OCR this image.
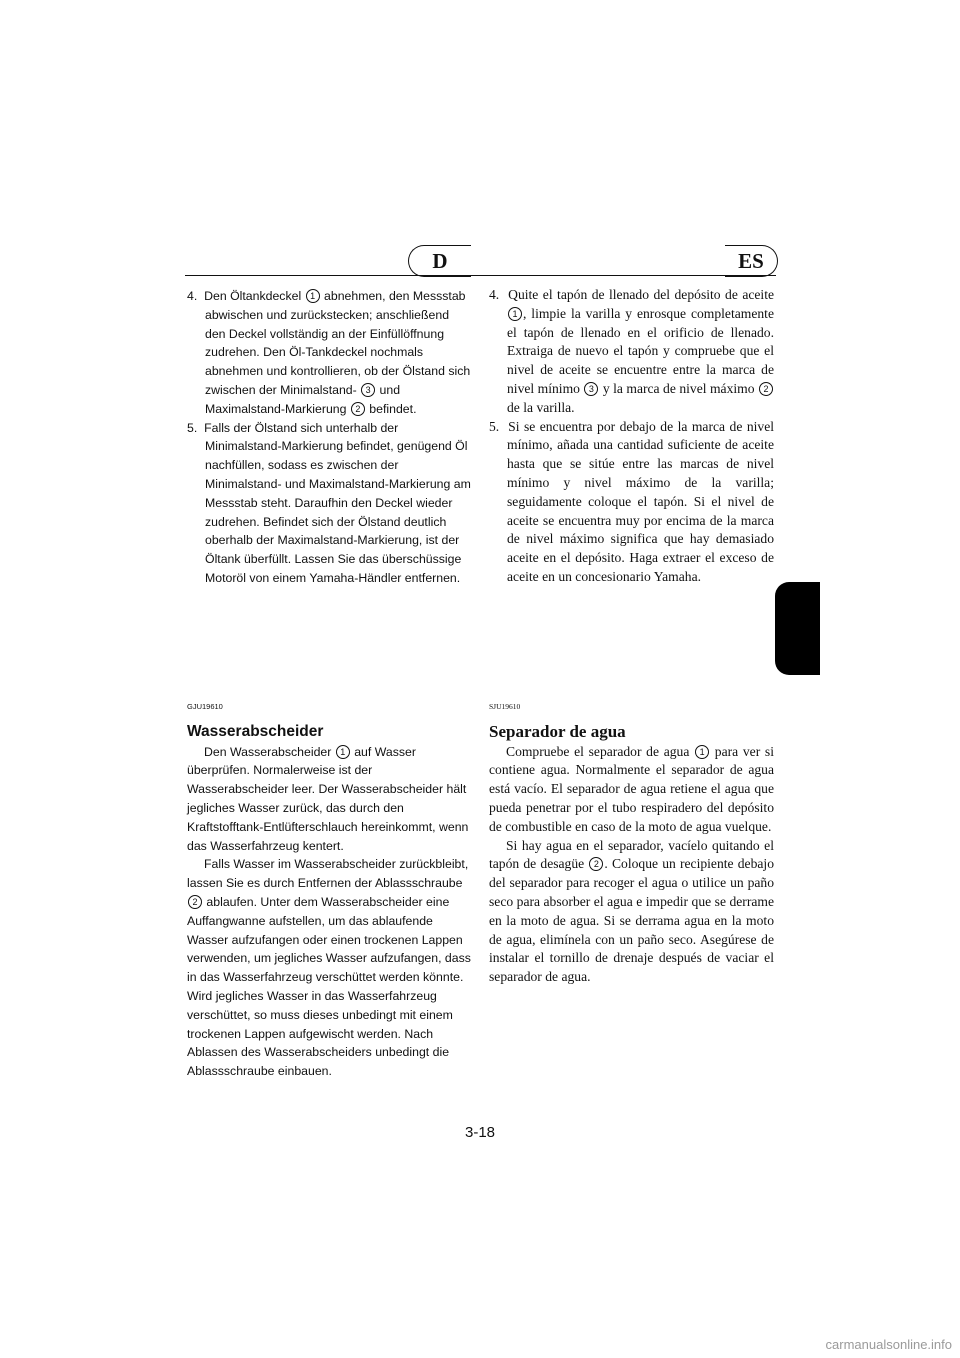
D	ES
4. Den Öltankdeckel 1 abnehmen, den Messstab abwischen und zurückstecken; anschließend den Deckel vollständig an der Einfüllöffnung zudrehen. Den Öl-Tankdeckel nochmals abnehmen und kontrollieren, ob der Ölstand sich zwischen der Minimalstand- 3 und Maximalstand-Markierung 2 befindet.
5. Falls der Ölstand sich unterhalb der Minimalstand-Markierung befindet, genügend Öl nachfüllen, sodass es zwischen der Minimalstand- und Maximalstand-Markierung am Messstab steht. Daraufhin den Deckel wieder zudrehen. Befindet sich der Ölstand deutlich oberhalb der Maximalstand-Markierung, ist der Öltank überfüllt. Lassen Sie das überschüssige Motoröl von einem Yamaha-Händler entfernen.
4. Quite el tapón de llenado del depósito de aceite 1 , limpie la varilla y enrosque completamente el tapón de llenado en el orificio de llenado. Extraiga de nuevo el tapón y compruebe que el nivel de aceite se encuentre entre la marca de nivel mínimo 3 y la marca de nivel máximo 2 de la varilla.
5. Si se encuentra por debajo de la marca de nivel mínimo, añada una cantidad suficiente de aceite hasta que se sitúe entre las marcas de nivel mínimo y nivel máximo de la varilla; seguidamente coloque el tapón. Si el nivel de aceite se encuentra muy por encima de la marca de nivel máximo significa que hay demasiado aceite en el depósito. Haga extraer el exceso de aceite en un concesionario Yamaha.

GJU19610

Wasserabscheider

Den Wasserabscheider 1 auf Wasser überprüfen. Normalerweise ist der Wasserabscheider leer. Der Wasserabscheider hält jegliches Wasser zurück, das durch den Kraftstofftank-Entlüfterschlauch hereinkommt, wenn das Wasserfahrzeug kentert.

Falls Wasser im Wasserabscheider zurückbleibt, lassen Sie es durch Entfernen der Ablassschraube 2 ablaufen. Unter dem Wasserabscheider eine Auffangwanne aufstellen, um das ablaufende Wasser aufzufangen oder einen trockenen Lappen verwenden, um jegliches Wasser aufzufangen, dass in das Wasserfahrzeug verschüttet werden könnte. Wird jegliches Wasser in das Wasserfahrzeug verschüttet, so muss dieses unbedingt mit einem trockenen Lappen aufgewischt werden. Nach Ablassen des Wasserabscheiders unbedingt die Ablassschraube einbauen.

SJU19610

Separador de agua

Compruebe el separador de agua 1 para ver si contiene agua. Normalmente el separador de agua está vacío. El separador de agua retiene el agua que pueda penetrar por el tubo respiradero del depósito de combustible en caso de la moto de agua vuelque.

Si hay agua en el separador, vacíelo quitando el tapón de desagüe 2 . Coloque un recipiente debajo del separador para recoger el agua o utilice un paño seco para absorber el agua e impedir que se derrame en la moto de agua. Si se derrama agua en la moto de agua, elimínela con un paño seco. Asegúrese de instalar el tornillo de drenaje después de vaciar el separador de agua.

3-18
carmanualsonline.info
